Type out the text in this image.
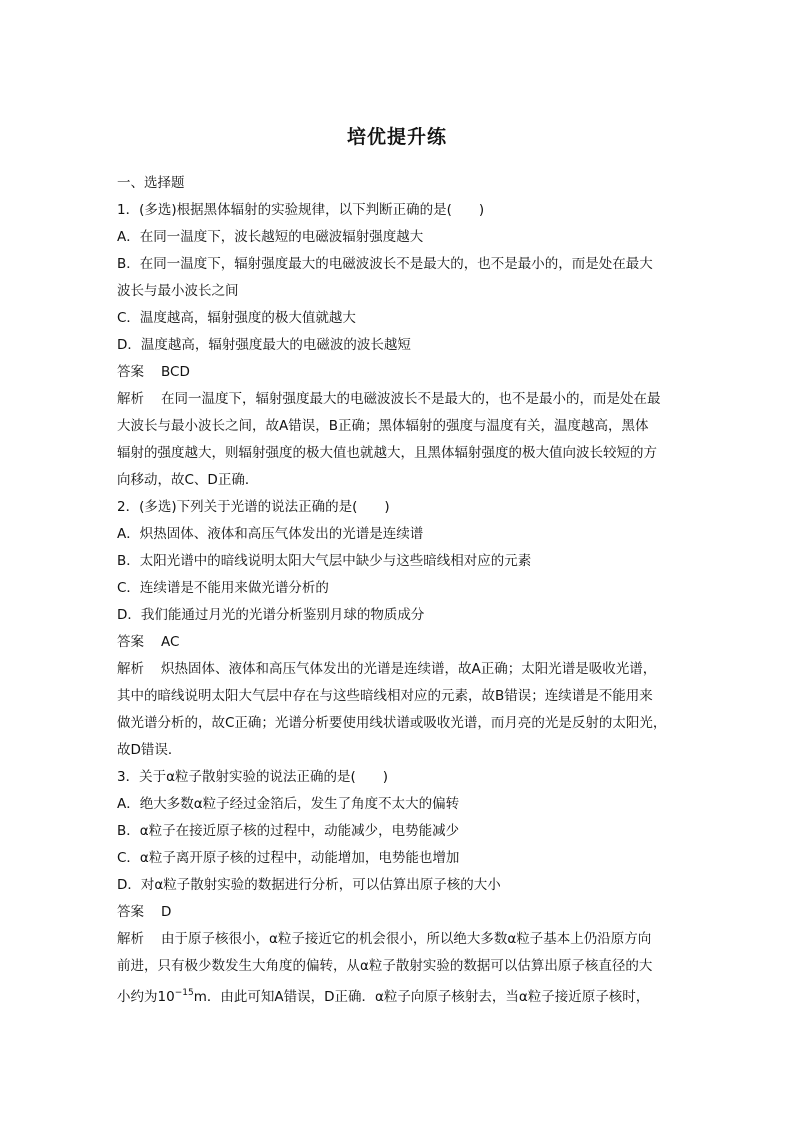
培优提升练
一、选择题
1．(多选)根据黑体辐射的实验规律，以下判断正确的是(　　)
A．在同一温度下，波长越短的电磁波辐射强度越大
B．在同一温度下，辐射强度最大的电磁波波长不是最大的，也不是最小的，而是处在最大
波长与最小波长之间
C．温度越高，辐射强度的极大值就越大
D．温度越高，辐射强度最大的电磁波的波长越短
答案 BCD
解析 在同一温度下，辐射强度最大的电磁波波长不是最大的，也不是最小的，而是处在最
大波长与最小波长之间，故A错误，B正确；黑体辐射的强度与温度有关，温度越高，黑体
辐射的强度越大，则辐射强度的极大值也就越大，且黑体辐射强度的极大值向波长较短的方
向移动，故C、D正确．
2．(多选)下列关于光谱的说法正确的是(　　)
A．炽热固体、液体和高压气体发出的光谱是连续谱
B．太阳光谱中的暗线说明太阳大气层中缺少与这些暗线相对应的元素
C．连续谱是不能用来做光谱分析的
D．我们能通过月光的光谱分析鉴别月球的物质成分
答案 AC
解析 炽热固体、液体和高压气体发出的光谱是连续谱，故A正确；太阳光谱是吸收光谱，
其中的暗线说明太阳大气层中存在与这些暗线相对应的元素，故B错误；连续谱是不能用来
做光谱分析的，故C正确；光谱分析要使用线状谱或吸收光谱，而月亮的光是反射的太阳光，
故D错误．
3．关于α粒子散射实验的说法正确的是(　　)
A．绝大多数α粒子经过金箔后，发生了角度不太大的偏转
B．α粒子在接近原子核的过程中，动能减少，电势能减少
C．α粒子离开原子核的过程中，动能增加，电势能也增加
D．对α粒子散射实验的数据进行分析，可以估算出原子核的大小
答案 D
解析 由于原子核很小，α粒子接近它的机会很小，所以绝大多数α粒子基本上仍沿原方向
前进，只有极少数发生大角度的偏转，从α粒子散射实验的数据可以估算出原子核直径的大
小约为$10^{-15}m$．由此可知A错误，D正确．α粒子向原子核射去，当α粒子接近原子核时，
